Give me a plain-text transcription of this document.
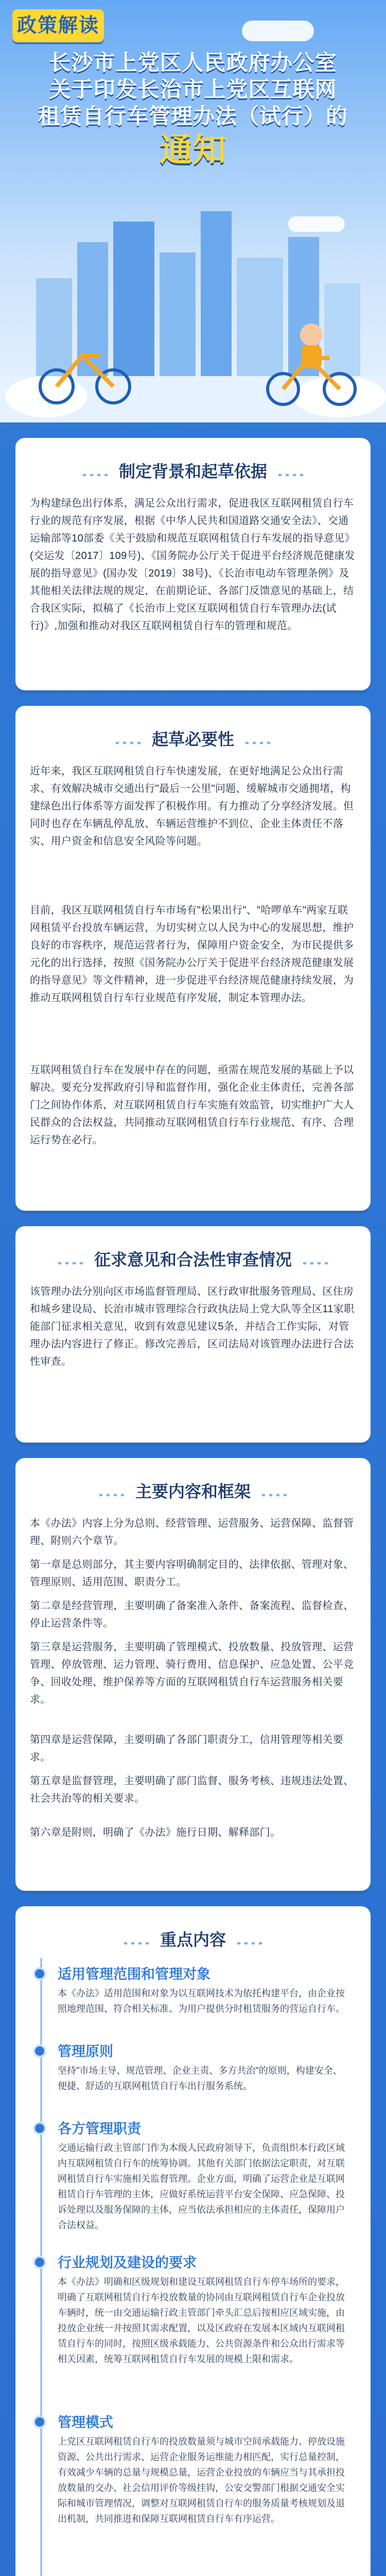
政策解读
长沙市上党区人民政府办公室
关于印发长治市上党区互联网
租赁自行车管理办法（试行）的
通知
制定背景和起草依据
为构建绿色出行体系，满足公众出行需求，促进我区互联网租赁自行车行业的规范有序发展，根据《中华人民共和国道路交通安全法》、交通运输部等10部委《关于鼓励和规范互联网租赁自行车发展的指导意见》(交运发〔2017〕109号)、《国务院办公厅关于促进平台经济规范健康发展的指导意见》(国办发〔2019〕38号)、《长治市电动车管理条例》及其他相关法律法规的规定，在前期论证、各部门反馈意见的基础上，结合我区实际，拟稿了《长治市上党区互联网租赁自行车管理办法(试行)》,加强和推动对我区互联网租赁自行车的管理和规范。
起草必要性
近年来，我区互联网租赁自行车快速发展，在更好地满足公众出行需求、有效解决城市交通出行"最后一公里"问题、缓解城市交通拥堵，构建绿色出行体系等方面发挥了积极作用。有力推动了分享经济发展。但同时也存在车辆乱停乱放、车辆运营维护不到位、企业主体责任不落实、用户资金和信息安全风险等问题。
目前，我区互联网租赁自行车市场有"松果出行"、"哈啰单车"两家互联网租赁平台投放车辆运营，为切实树立以人民为中心的发展思想，维护良好的市容秩序，规范运营者行为，保障用户资金安全，为市民提供多元化的出行选择，按照《国务院办公厅关于促进平台经济规范健康发展的指导意见》等文件精神，进一步促进平台经济规范健康持续发展，为推动互联网租赁自行车行业规范有序发展，制定本管理办法。
互联网租赁自行车在发展中存在的问题，亟需在规范发展的基础上予以解决。要充分发挥政府引导和监督作用，强化企业主体责任，完善各部门之间协作体系，对互联网租赁自行车实施有效监管，切实维护广大人民群众的合法权益，共同推动互联网租赁自行车行业规范、有序、合理运行势在必行。
征求意见和合法性审查情况
该管理办法分别向区市场监督管理局、区行政审批服务管理局、区住房和城乡建设局、长治市城市管理综合行政执法局上党大队等全区11家职能部门征求相关意见，收到有效意见建议5条，并结合工作实际，对管理办法内容进行了修正。修改完善后，区司法局对该管理办法进行合法性审查。
主要内容和框架
本《办法》内容上分为总则、经营管理、运营服务、运营保障、监督管理、附则六个章节。
第一章是总则部分，其主要内容明确制定目的、法律依据、管理对象、管理原则、适用范围、职责分工。
第二章是经营管理，主要明确了备案准入条件、备案流程、监督检查、停止运营条件等。
第三章是运营服务，主要明确了管理模式、投放数量、投放管理、运营管理、停放管理、运力管理、骑行费用、信息保护、应急处置、公平竞争、回收处理、维护保养等方面的互联网租赁自行车运营服务相关要求。
第四章是运营保障，主要明确了各部门职责分工，信用管理等相关要求。
第五章是监督管理，主要明确了部门监督、服务考核、违规违法处置、社会共治等的相关要求。
第六章是附则，明确了《办法》施行日期、解释部门。
重点内容
适用管理范围和管理对象
本《办法》适用范围和对象为以互联网技术为依托构建平台，由企业按照地理范围、符合相关标准、为用户提供分时租赁服务的营运自行车。
管理原则
坚持"市场主导、规范管理、企业主责、多方共治"的原则，构建安全、便捷、舒适的互联网租赁自行车出行服务系统。
各方管理职责
交通运输行政主管部门作为本级人民政府领导下，负责组织本行政区域内互联网租赁自行车的统筹协调。其他有关部门依据法定职责，对互联网租赁自行车实施相关监督管理。企业方面，明确了运营企业是互联网租赁自行车管理的主体，应做好系统运营平台安全保障、应急保障、投诉处理以及服务保障的主体，应当依法承担相应的主体责任，保障用户合法权益。
行业规划及建设的要求
本《办法》明确和区级规划和建设互联网租赁自行车停车场所的要求，明确了互联网租赁自行车投放数量的协同由互联网租赁自行车企业投放车辆时，统一由交通运输行政主管部门牵头汇总后按相应区域实施，由投放企业统一并按照其需求配置，以及区政府在发展本区域内互联网租赁自行车的同时，按照区级承载能力、公共资源条件和公众出行需求等相关因素，统筹互联网租赁自行车发展的规模上限和需求。
管理模式
上党区互联网租赁自行车的投放数量须与城市空间承载能力、停放设施资源、公共出行需求、运营企业服务运维能力相匹配，实行总量控制，有效减少车辆的总量与规模总量，运营企业投放的车辆应当与其承担投放数量的交办、社会信用评价等级挂钩，公安交警部门根据交通安全实际和城市管理情况，调整对互联网租赁自行车的服务质量考核规划及退出机制，共同推进和保障互联网租赁自行车有序运营。
